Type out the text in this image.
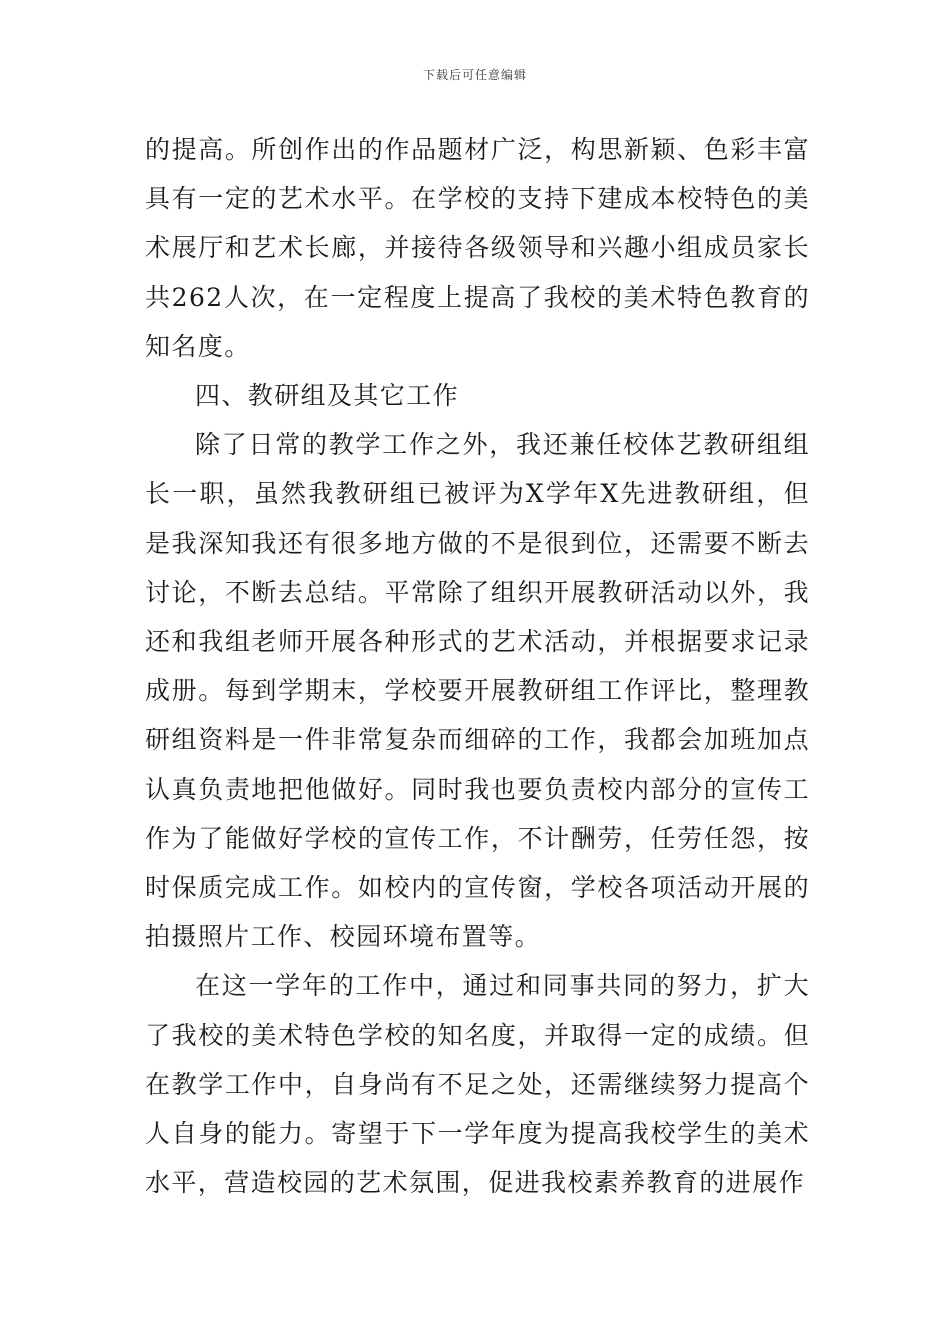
下载后可任意编辑

的提高。所创作出的作品题材广泛，构思新颖、色彩丰富具有一定的艺术水平。在学校的支持下建成本校特色的美术展厅和艺术长廊，并接待各级领导和兴趣小组成员家长共262人次，在一定程度上提高了我校的美术特色教育的知名度。

四、教研组及其它工作

除了日常的教学工作之外，我还兼任校体艺教研组组长一职，虽然我教研组已被评为X学年X先进教研组，但是我深知我还有很多地方做的不是很到位，还需要不断去讨论，不断去总结。平常除了组织开展教研活动以外，我还和我组老师开展各种形式的艺术活动，并根据要求记录成册。每到学期末，学校要开展教研组工作评比，整理教研组资料是一件非常复杂而细碎的工作，我都会加班加点认真负责地把他做好。同时我也要负责校内部分的宣传工作为了能做好学校的宣传工作，不计酬劳，任劳任怨，按时保质完成工作。如校内的宣传窗，学校各项活动开展的拍摄照片工作、校园环境布置等。

在这一学年的工作中，通过和同事共同的努力，扩大了我校的美术特色学校的知名度，并取得一定的成绩。但在教学工作中，自身尚有不足之处，还需继续努力提高个人自身的能力。寄望于下一学年度为提高我校学生的美术水平，营造校园的艺术氛围，促进我校素养教育的进展作
